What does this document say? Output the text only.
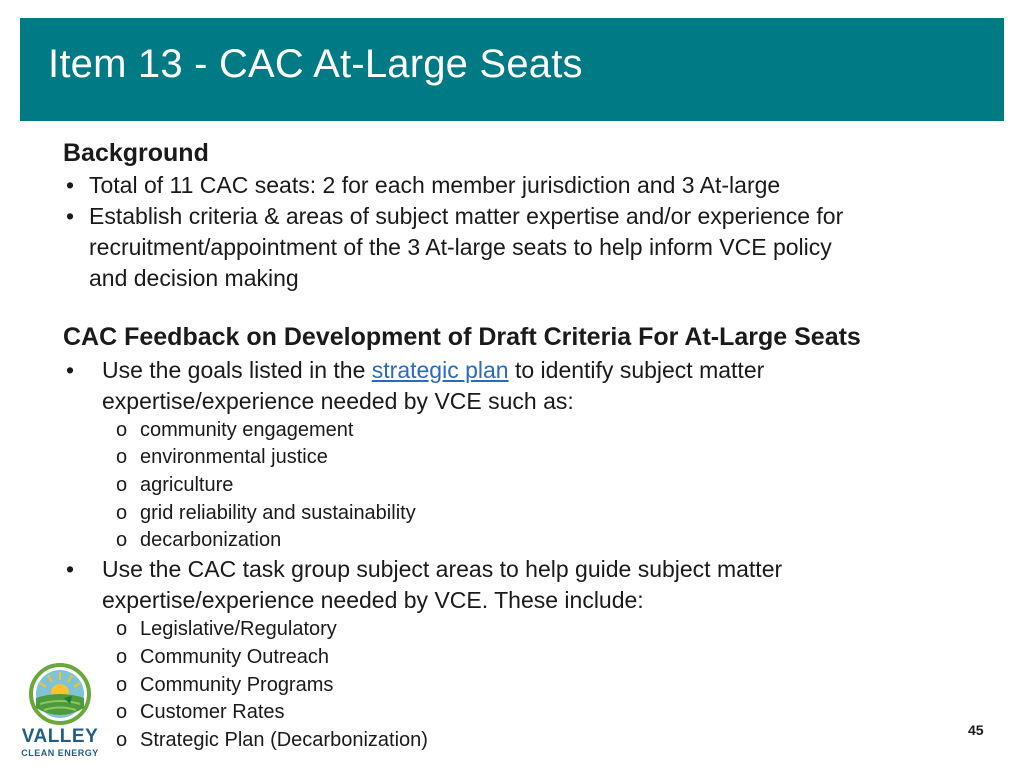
Item 13 - CAC At-Large Seats
Background
• Total of 11 CAC seats: 2 for each member jurisdiction and 3 At-large
• Establish criteria & areas of subject matter expertise and/or experience for
recruitment/appointment of the 3 At-large seats to help inform VCE policy
and decision making
CAC Feedback on Development of Draft Criteria For At-Large Seats
• Use the goals listed in the strategic plan to identify subject matter
expertise/experience needed by VCE such as:
o community engagement
o environmental justice
o agriculture
o grid reliability and sustainability
o decarbonization
• Use the CAC task group subject areas to help guide subject matter
expertise/experience needed by VCE. These include:
o Legislative/Regulatory
o Community Outreach
o Community Programs
o Customer Rates
o Strategic Plan (Decarbonization)
VALLEY
CLEAN ENERGY
45
